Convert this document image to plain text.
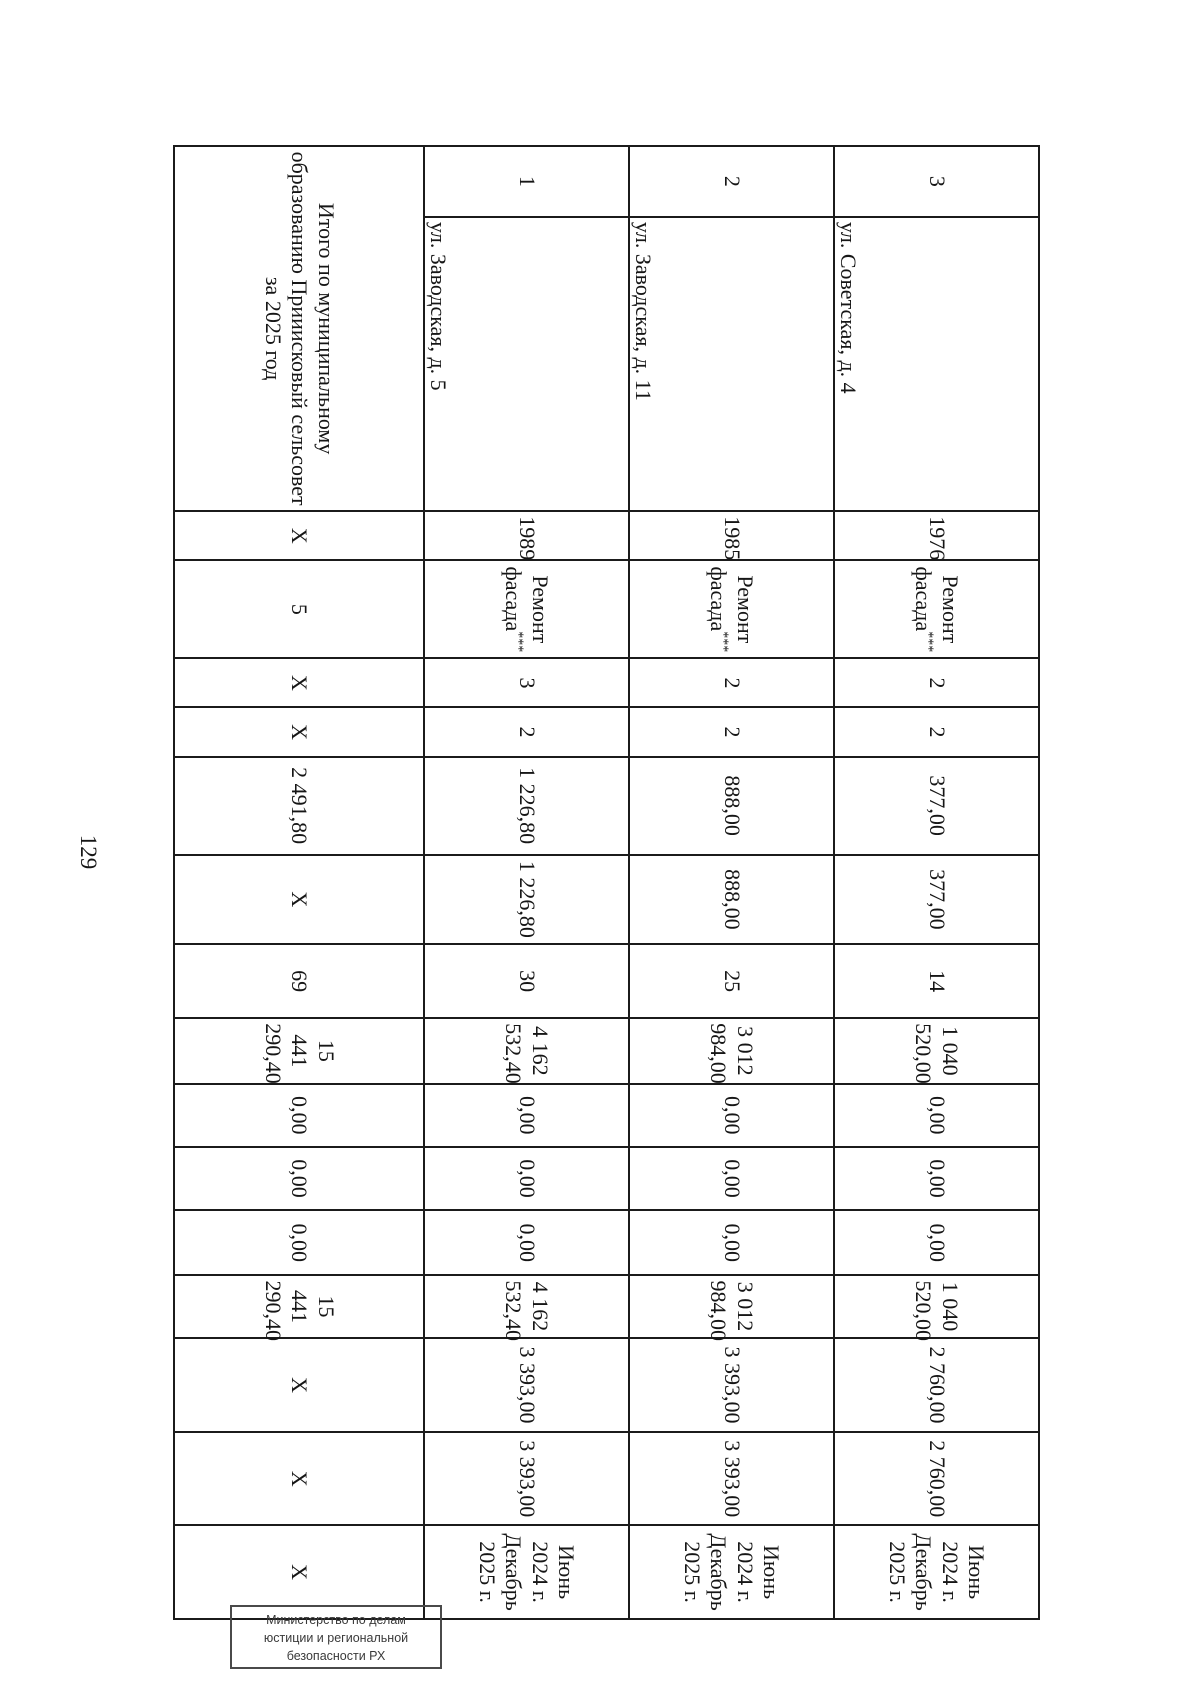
129
3	ул. Советская, д. 4	1976	Ремонт фасада***	2	2	377,00	377,00	14	1 040 520,00	0,00	0,00	0,00	1 040 520,00	2 760,00	2 760,00	Июнь 2024 г.
Декабрь 2025 г.

2	ул. Заводская, д. 11	1985	Ремонт фасада***	2	2	888,00	888,00	25	3 012 984,00	0,00	0,00	0,00	3 012 984,00	3 393,00	3 393,00	Июнь 2024 г.
Декабрь 2025 г.

1	ул. Заводская, д. 5	1989	Ремонт фасада***	3	2	1 226,80	1 226,80	30	4 162 532,40	0,00	0,00	0,00	4 162 532,40	3 393,00	3 393,00	Июнь 2024 г.
Декабрь 2025 г.

Итого по муниципальному образованию Прииисковый сельсовет за 2025 год		Х	5	Х	Х	2 491,80	Х	69	15 441 290,40	0,00	0,00	0,00	15 441 290,40	Х	Х	Х
Министерство по делам
юстиции и региональной
безопасности РХ
